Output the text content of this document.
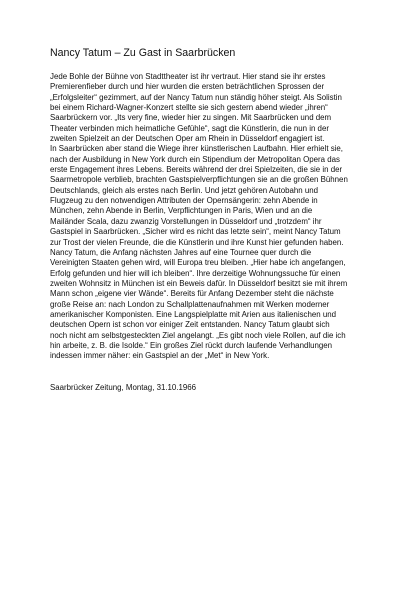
Nancy Tatum – Zu Gast in Saarbrücken
Jede Bohle der Bühne von Stadttheater ist ihr vertraut. Hier stand sie ihr erstes
Premierenfieber durch und hier wurden die ersten beträchtlichen Sprossen der
„Erfolgsleiter“ gezimmert, auf der Nancy Tatum nun ständig höher steigt. Als Solistin
bei einem Richard-Wagner-Konzert stellte sie sich gestern abend wieder „ihren“
Saarbrückern vor. „Its very fine, wieder hier zu singen. Mit Saarbrücken und dem
Theater verbinden mich heimatliche Gefühle“, sagt die Künstlerin, die nun in der
zweiten Spielzeit an der Deutschen Oper am Rhein in Düsseldorf engagiert ist.
In Saarbrücken aber stand die Wiege ihrer künstlerischen Laufbahn. Hier erhielt sie,
nach der Ausbildung in New York durch ein Stipendium der Metropolitan Opera das
erste Engagement ihres Lebens. Bereits während der drei Spielzeiten, die sie in der
Saarmetropole verblieb, brachten Gastspielverpflichtungen sie an die großen Bühnen
Deutschlands, gleich als erstes nach Berlin. Und jetzt gehören Autobahn und
Flugzeug zu den notwendigen Attributen der Opernsängerin: zehn Abende in
München, zehn Abende in Berlin, Verpflichtungen in Paris, Wien und an die
Mailänder Scala, dazu zwanzig Vorstellungen in Düsseldorf und „trotzdem“ ihr
Gastspiel in Saarbrücken. „Sicher wird es nicht das letzte sein“, meint Nancy Tatum
zur Trost der vielen Freunde, die die Künstlerin und ihre Kunst hier gefunden haben.
Nancy Tatum, die Anfang nächsten Jahres auf eine Tournee quer durch die
Vereinigten Staaten gehen wird, will Europa treu bleiben. „Hier habe ich angefangen,
Erfolg gefunden und hier will ich bleiben“. Ihre derzeitige Wohnungssuche für einen
zweiten Wohnsitz in München ist ein Beweis dafür. In Düsseldorf besitzt sie mit ihrem
Mann schon „eigene vier Wände“. Bereits für Anfang Dezember steht die nächste
große Reise an: nach London zu Schallplattenaufnahmen mit Werken moderner
amerikanischer Komponisten. Eine Langspielplatte mit Arien aus italienischen und
deutschen Opern ist schon vor einiger Zeit entstanden. Nancy Tatum glaubt sich
noch nicht am selbstgesteckten Ziel angelangt. „Es gibt noch viele Rollen, auf die ich
hin arbeite, z. B. die Isolde.“ Ein großes Ziel rückt durch laufende Verhandlungen
indessen immer näher: ein Gastspiel an der „Met“ in New York.

Saarbrücker Zeitung, Montag, 31.10.1966
